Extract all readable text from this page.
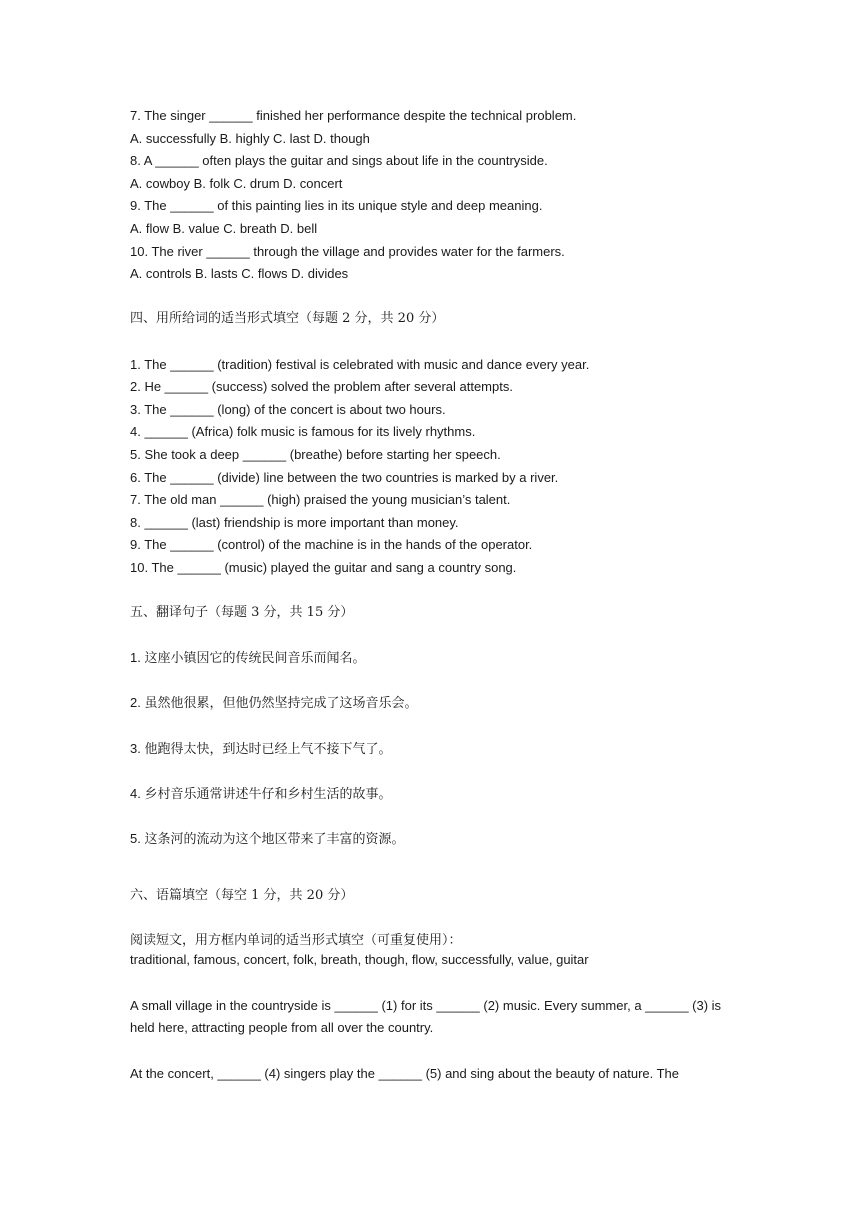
7. The singer ______ finished her performance despite the technical problem.
A. successfully B. highly C. last D. though
8. A ______ often plays the guitar and sings about life in the countryside.
A. cowboy B. folk C. drum D. concert
9. The ______ of this painting lies in its unique style and deep meaning.
A. flow B. value C. breath D. bell
10. The river ______ through the village and provides water for the farmers.
A. controls B. lasts C. flows D. divides
四、用所给词的适当形式填空（每题 2 分，共 20 分）
1. The ______ (tradition) festival is celebrated with music and dance every year.
2. He ______ (success) solved the problem after several attempts.
3. The ______ (long) of the concert is about two hours.
4. ______ (Africa) folk music is famous for its lively rhythms.
5. She took a deep ______ (breathe) before starting her speech.
6. The ______ (divide) line between the two countries is marked by a river.
7. The old man ______ (high) praised the young musician’s talent.
8. ______ (last) friendship is more important than money.
9. The ______ (control) of the machine is in the hands of the operator.
10. The ______ (music) played the guitar and sang a country song.
五、翻译句子（每题 3 分，共 15 分）
1. 这座小镇因它的传统民间音乐而闻名。
2. 虽然他很累，但他仍然坚持完成了这场音乐会。
3. 他跑得太快，到达时已经上气不接下气了。
4. 乡村音乐通常讲述牛仔和乡村生活的故事。
5. 这条河的流动为这个地区带来了丰富的资源。
六、语篇填空（每空 1 分，共 20 分）
阅读短文，用方框内单词的适当形式填空（可重复使用）：
traditional, famous, concert, folk, breath, though, flow, successfully, value, guitar
A small village in the countryside is ______ (1) for its ______ (2) music. Every summer, a ______ (3) is held here, attracting people from all over the country.
At the concert, ______ (4) singers play the ______ (5) and sing about the beauty of nature. The
